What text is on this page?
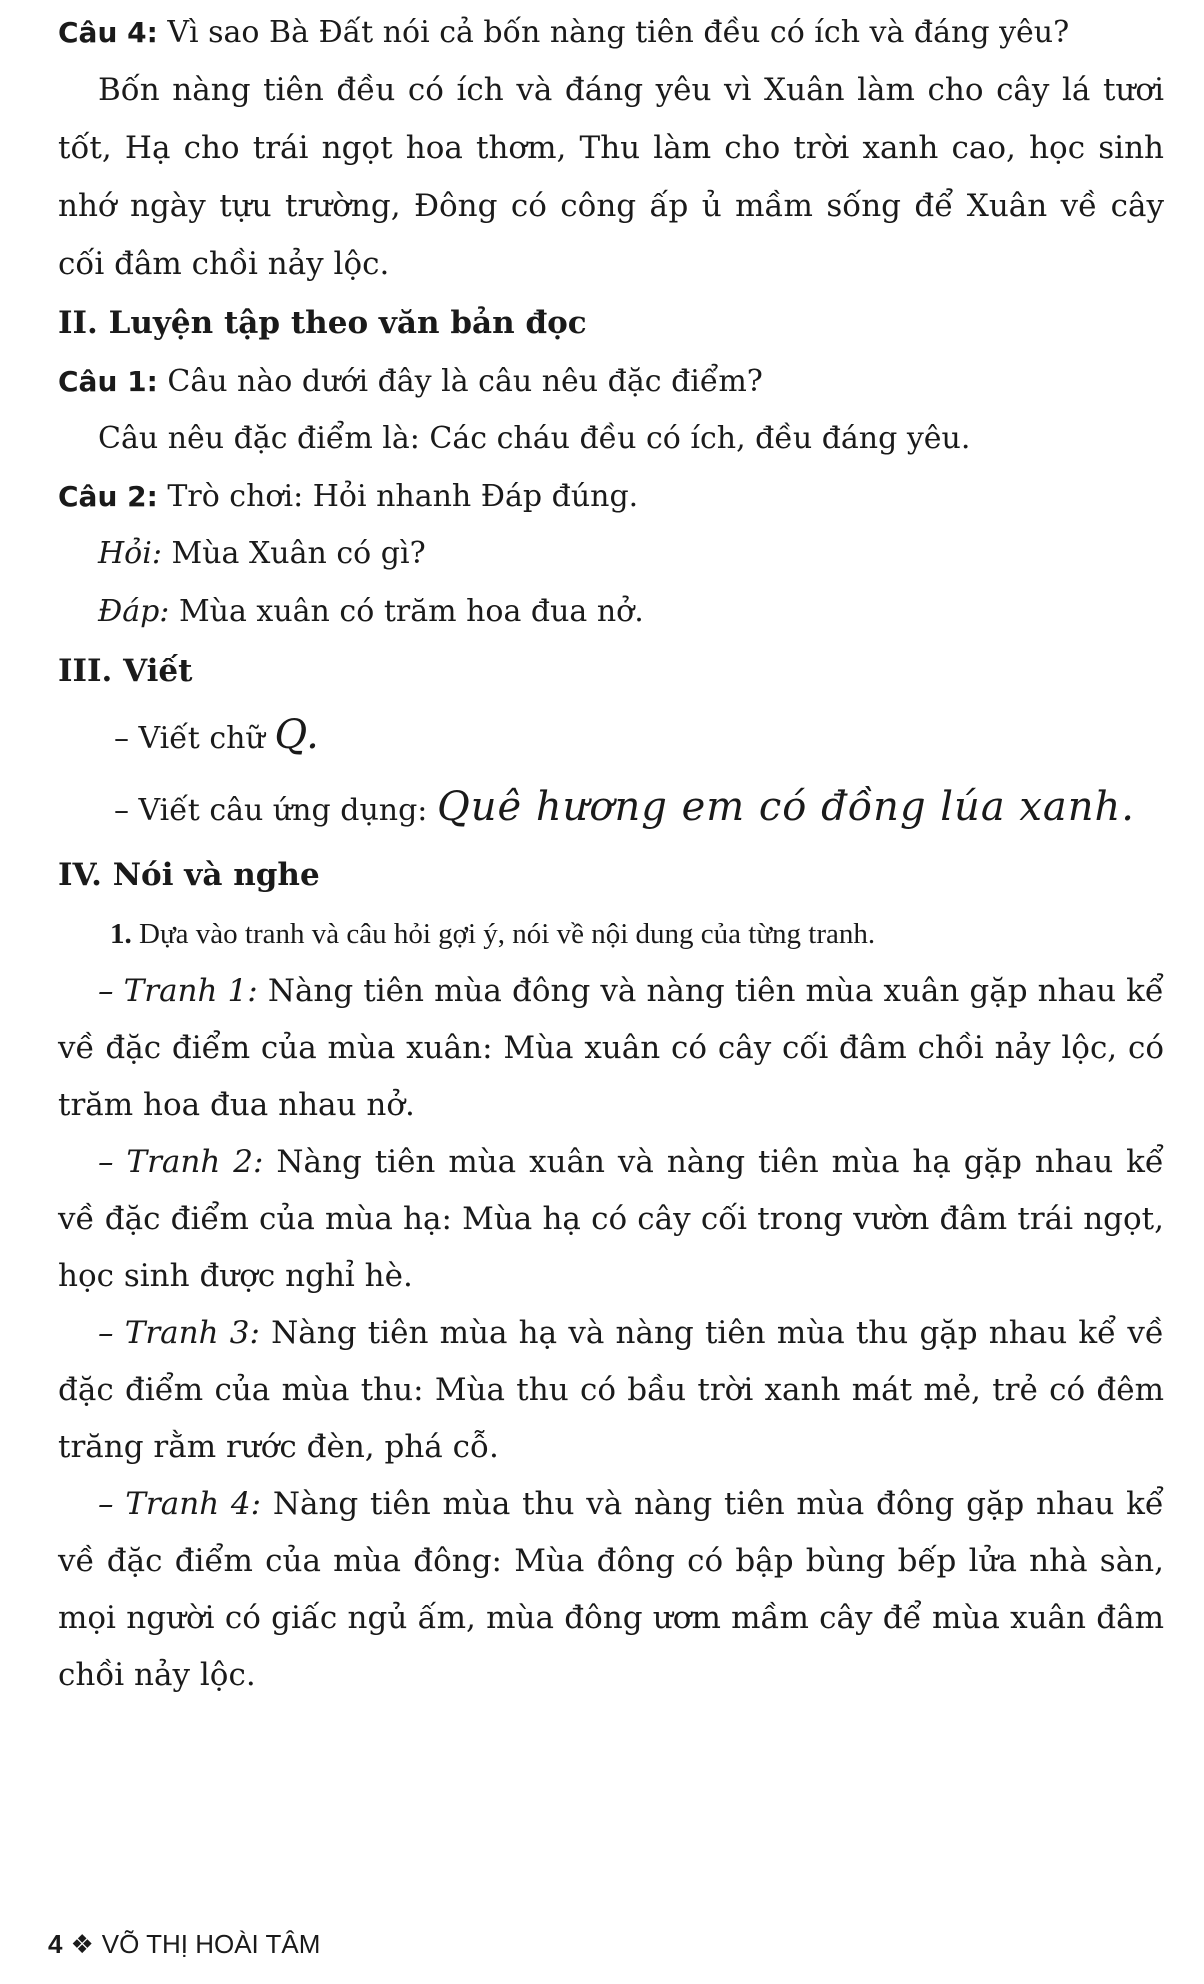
Câu 4: Vì sao Bà Đất nói cả bốn nàng tiên đều có ích và đáng yêu?

Bốn nàng tiên đều có ích và đáng yêu vì Xuân làm cho cây lá tươi tốt, Hạ cho trái ngọt hoa thơm, Thu làm cho trời xanh cao, học sinh nhớ ngày tựu trường, Đông có công ấp ủ mầm sống để Xuân về cây cối đâm chồi nảy lộc.

II. Luyện tập theo văn bản đọc

Câu 1: Câu nào dưới đây là câu nêu đặc điểm?

Câu nêu đặc điểm là: Các cháu đều có ích, đều đáng yêu.

Câu 2: Trò chơi: Hỏi nhanh Đáp đúng.

Hỏi: Mùa Xuân có gì?

Đáp: Mùa xuân có trăm hoa đua nở.

III. Viết

– Viết chữ Q.

– Viết câu ứng dụng: Quê hương em có đồng lúa xanh.

IV. Nói và nghe

1. Dựa vào tranh và câu hỏi gợi ý, nói về nội dung của từng tranh.

– Tranh 1: Nàng tiên mùa đông và nàng tiên mùa xuân gặp nhau kể về đặc điểm của mùa xuân: Mùa xuân có cây cối đâm chồi nảy lộc, có trăm hoa đua nhau nở.

– Tranh 2: Nàng tiên mùa xuân và nàng tiên mùa hạ gặp nhau kể về đặc điểm của mùa hạ: Mùa hạ có cây cối trong vườn đâm trái ngọt, học sinh được nghỉ hè.

– Tranh 3: Nàng tiên mùa hạ và nàng tiên mùa thu gặp nhau kể về đặc điểm của mùa thu: Mùa thu có bầu trời xanh mát mẻ, trẻ có đêm trăng rằm rước đèn, phá cỗ.

– Tranh 4: Nàng tiên mùa thu và nàng tiên mùa đông gặp nhau kể về đặc điểm của mùa đông: Mùa đông có bập bùng bếp lửa nhà sàn, mọi người có giấc ngủ ấm, mùa đông ươm mầm cây để mùa xuân đâm chồi nảy lộc.

4 ❖ VÕ THỊ HOÀI TÂM
